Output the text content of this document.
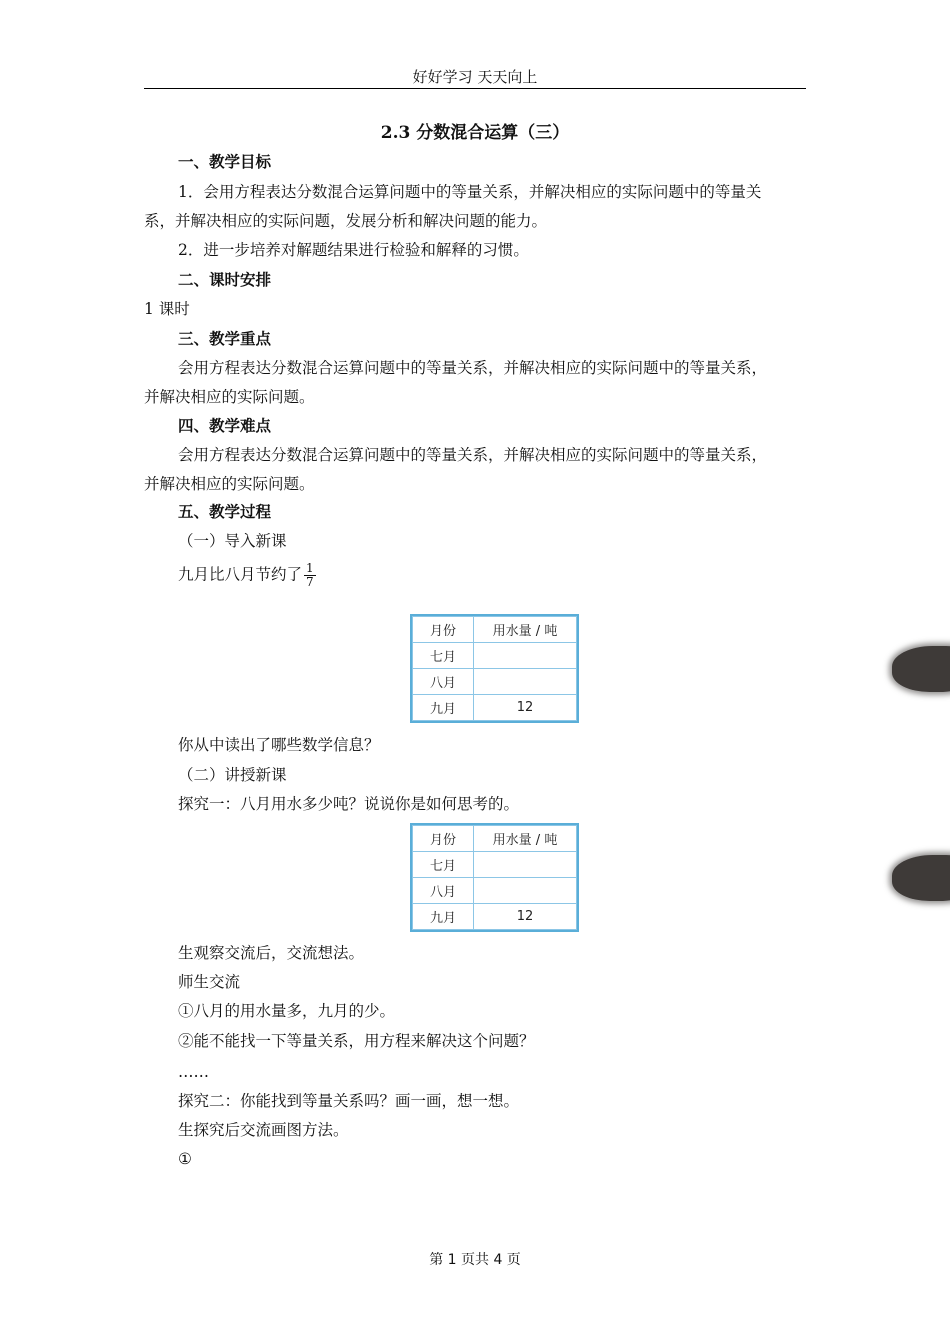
好好学习 天天向上
2.3 分数混合运算（三）
一、教学目标
1．会用方程表达分数混合运算问题中的等量关系，并解决相应的实际问题中的等量关
系，并解决相应的实际问题，发展分析和解决问题的能力。
2．进一步培养对解题结果进行检验和解释的习惯。
二、课时安排
1 课时
三、教学重点
会用方程表达分数混合运算问题中的等量关系，并解决相应的实际问题中的等量关系，
并解决相应的实际问题。
四、教学难点
会用方程表达分数混合运算问题中的等量关系，并解决相应的实际问题中的等量关系，
并解决相应的实际问题。
五、教学过程
（一）导入新课
九月比八月节约了 $\frac{1}{7}$
月份	用水量 / 吨
七月	
八月	
九月	12
你从中读出了哪些数学信息？
（二）讲授新课
探究一：八月用水多少吨？说说你是如何思考的。
月份	用水量 / 吨
七月	
八月	
九月	12
生观察交流后，交流想法。
师生交流
①八月的用水量多，九月的少。
②能不能找一下等量关系，用方程来解决这个问题？
……
探究二：你能找到等量关系吗？画一画，想一想。
生探究后交流画图方法。
①
第 1 页共 4 页
